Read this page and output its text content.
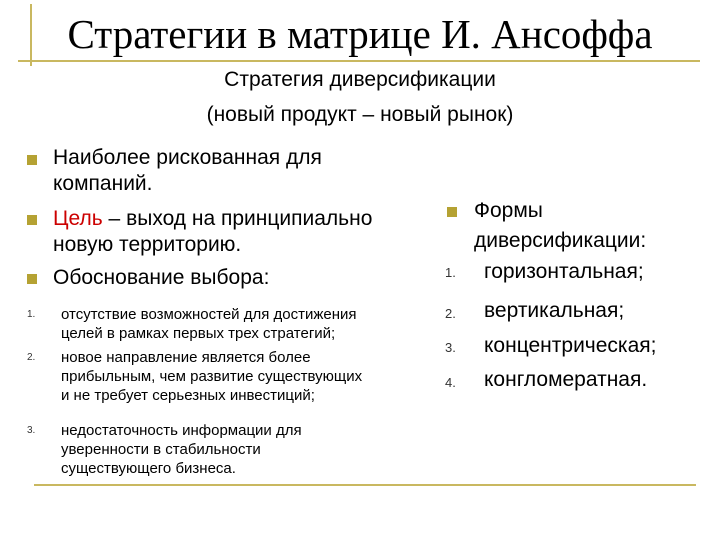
Стратегии в матрице И. Ансоффа
Стратегия диверсификации
(новый продукт – новый рынок)
Наиболее рискованная для
компаний.
Цель – выход на принципиально
новую территорию.
Обоснование выбора:
1. отсутствие возможностей для достижения
целей в рамках первых трех стратегий;
2. новое направление является более
прибыльным, чем развитие существующих
и не требует серьезных инвестиций;
3. недостаточность информации для
уверенности в стабильности
существующего бизнеса.
Формы
диверсификации:
1. горизонтальная;
2. вертикальная;
3. концентрическая;
4. конгломератная.
